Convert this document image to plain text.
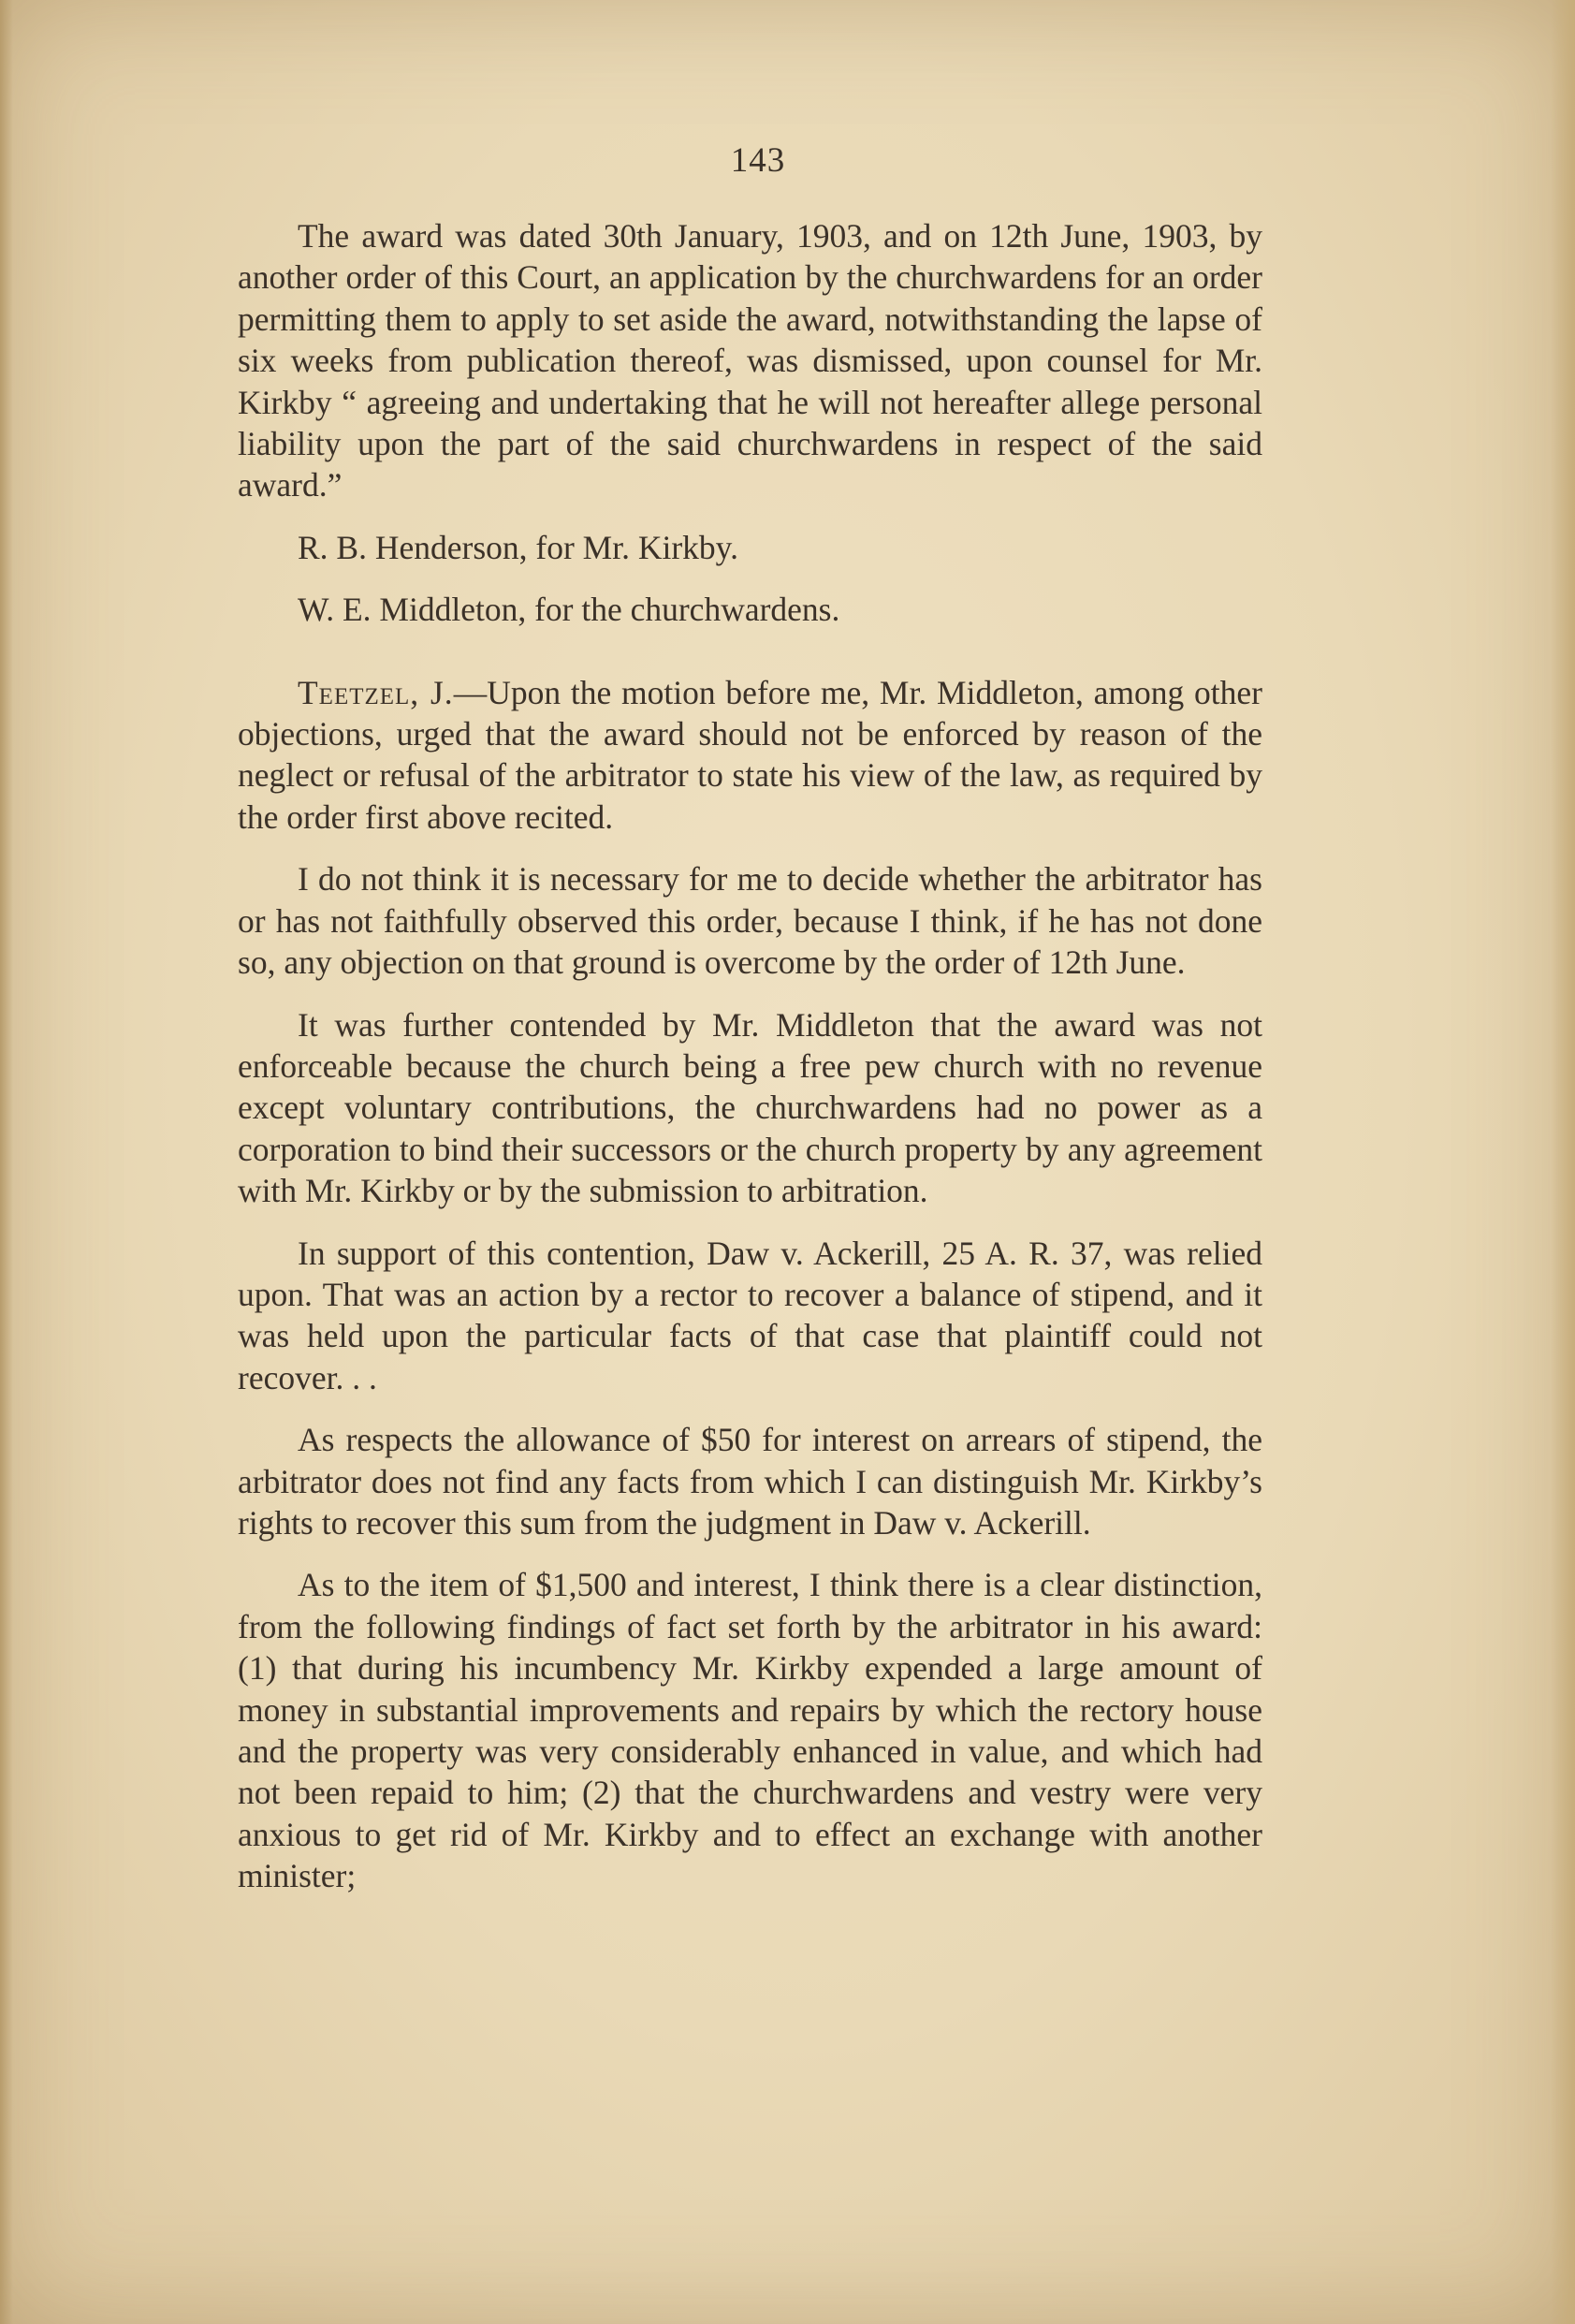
143

The award was dated 30th January, 1903, and on 12th June, 1903, by another order of this Court, an application by the churchwardens for an order permitting them to apply to set aside the award, notwithstanding the lapse of six weeks from publication thereof, was dismissed, upon counsel for Mr. Kirkby “ agreeing and undertaking that he will not hereafter allege personal liability upon the part of the said churchwardens in respect of the said award.”

R. B. Henderson, for Mr. Kirkby.

W. E. Middleton, for the churchwardens.

Teetzel, J.—Upon the motion before me, Mr. Middleton, among other objections, urged that the award should not be enforced by reason of the neglect or refusal of the arbitrator to state his view of the law, as required by the order first above recited.

I do not think it is necessary for me to decide whether the arbitrator has or has not faithfully observed this order, because I think, if he has not done so, any objection on that ground is overcome by the order of 12th June.

It was further contended by Mr. Middleton that the award was not enforceable because the church being a free pew church with no revenue except voluntary contributions, the churchwardens had no power as a corporation to bind their successors or the church property by any agreement with Mr. Kirkby or by the submission to arbitration.

In support of this contention, Daw v. Ackerill, 25 A. R. 37, was relied upon. That was an action by a rector to recover a balance of stipend, and it was held upon the particular facts of that case that plaintiff could not recover. . .

As respects the allowance of $50 for interest on arrears of stipend, the arbitrator does not find any facts from which I can distinguish Mr. Kirkby’s rights to recover this sum from the judgment in Daw v. Ackerill.

As to the item of $1,500 and interest, I think there is a clear distinction, from the following findings of fact set forth by the arbitrator in his award: (1) that during his incumbency Mr. Kirkby expended a large amount of money in substantial improvements and repairs by which the rectory house and the property was very considerably enhanced in value, and which had not been repaid to him; (2) that the churchwardens and vestry were very anxious to get rid of Mr. Kirkby and to effect an exchange with another minister;
